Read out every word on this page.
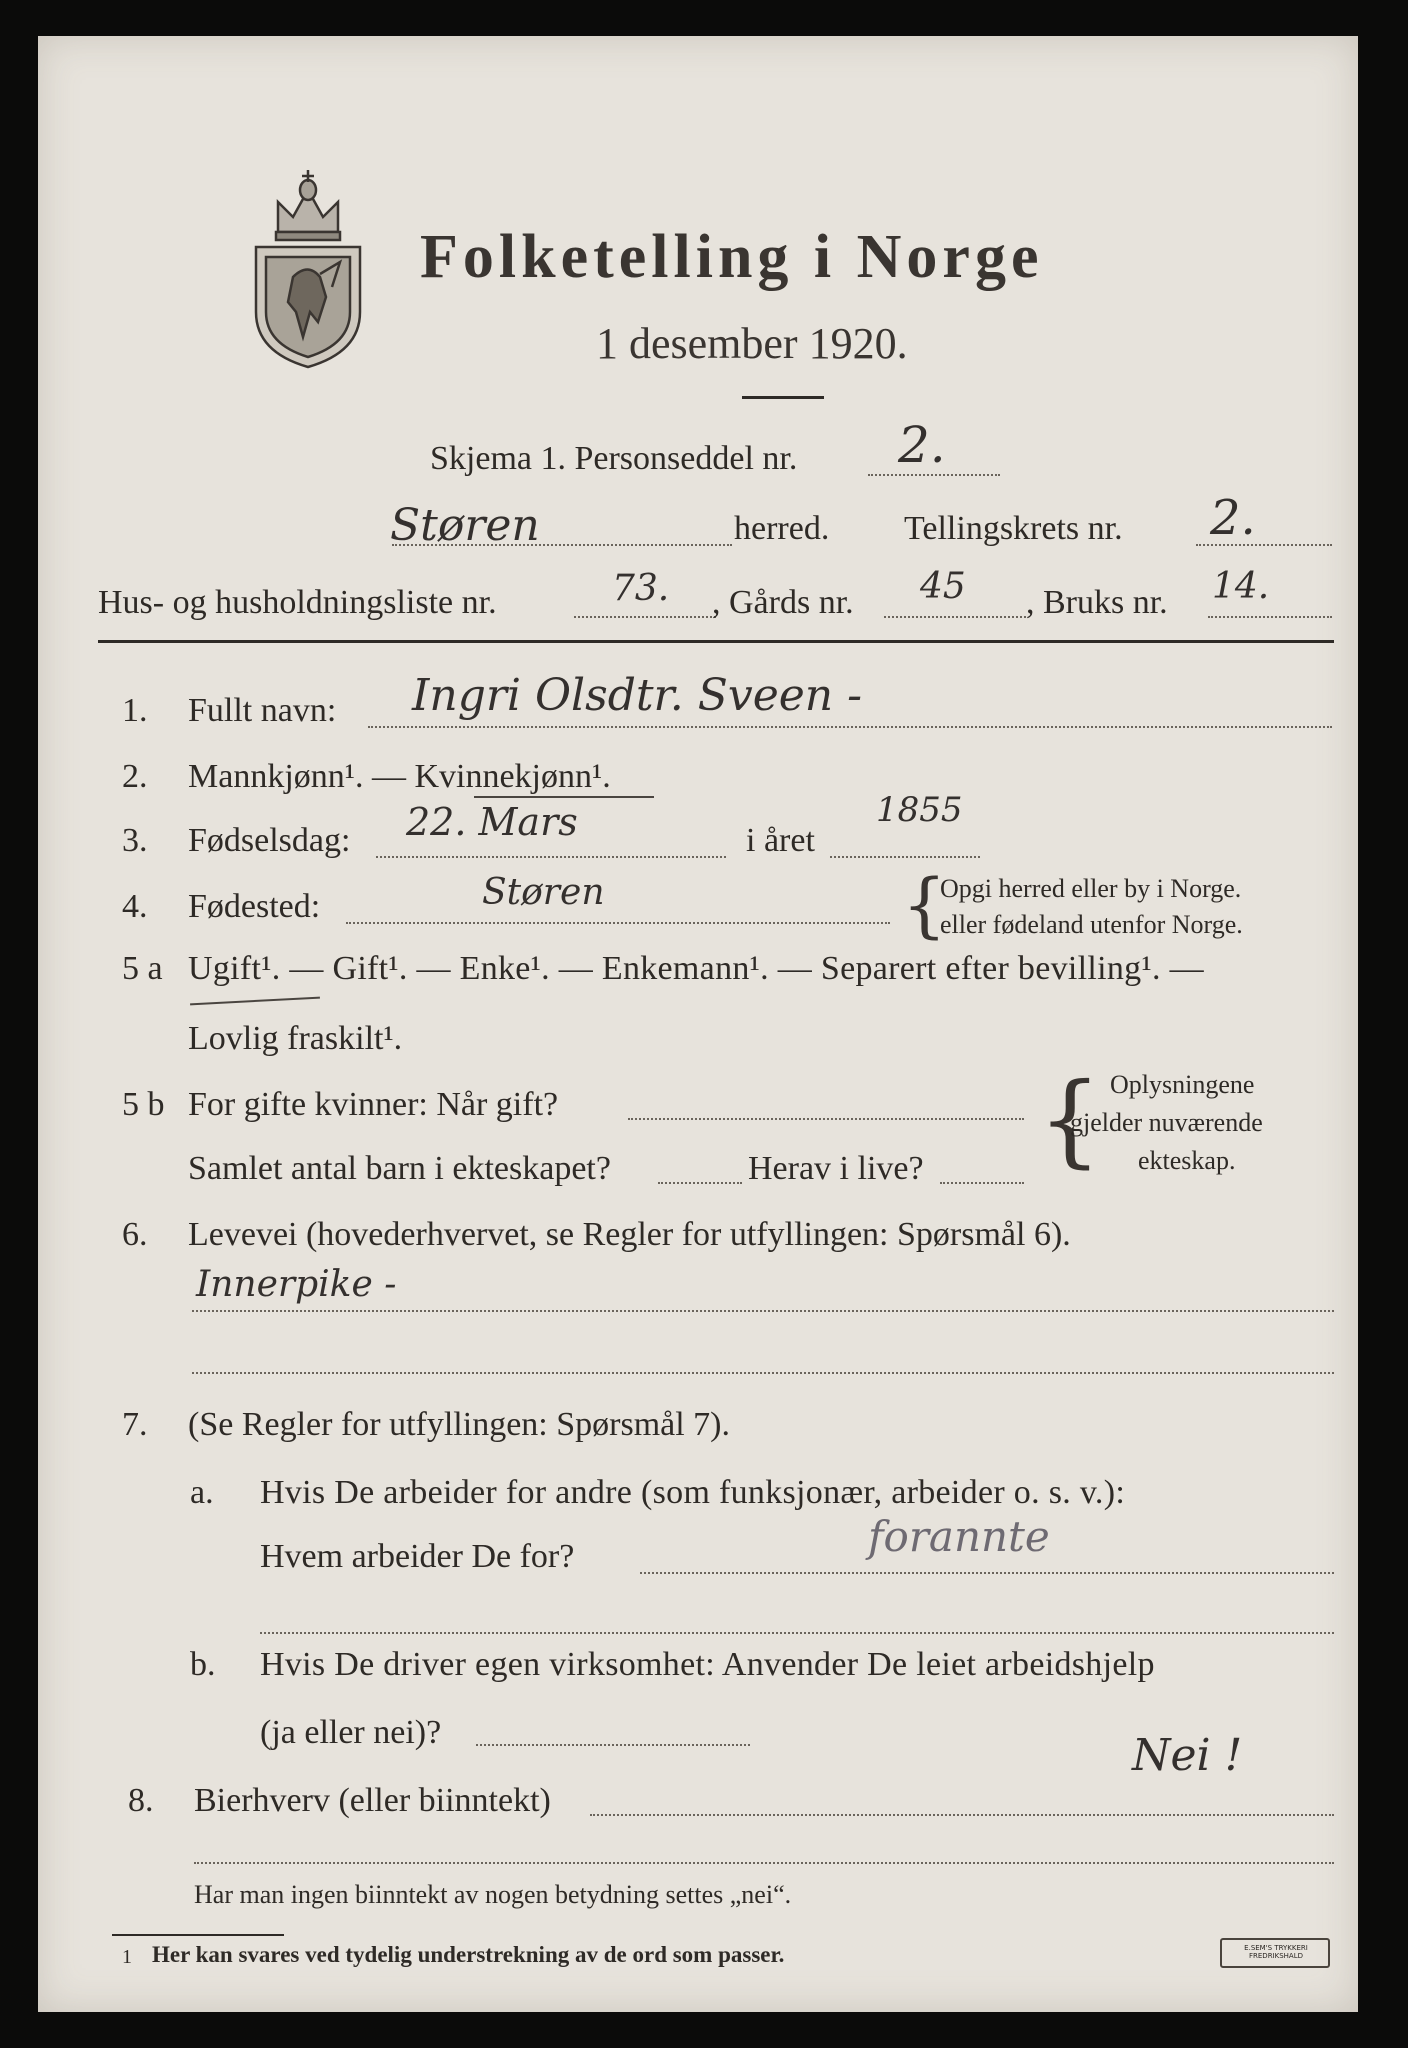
Folketelling i Norge
1 desember 1920.
Skjema 1. Personseddel nr. 2.
Støren	herred. Tellingskrets nr. 2.
Hus- og husholdningsliste nr.	73. , Gårds nr. 45 , Bruks nr. 14.
1. Fullt navn: Ingri Olsdtr. Sveen -
2. Mannkjønn¹. — Kvinnekjønn¹.
3. Fødselsdag: 22. Mars	i året
1855
4. Fødested:	Støren	{
Opgi herred eller by i Norge.
eller fødeland utenfor Norge.
5 a Ugift¹. — Gift¹. — Enke¹. — Enkemann¹. — Separert efter bevilling¹. —
Lovlig fraskilt¹.
5 b For gifte kvinner: Når gift?
Samlet antal barn i ekteskapet?	Herav i live? { Oplysningene
gjelder nuværende
ekteskap.
6. Levevei (hovederhvervet, se Regler for utfyllingen: Spørsmål 6).
Innerpike -
7. (Se Regler for utfyllingen: Spørsmål 7).
a. Hvis De arbeider for andre (som funksjonær, arbeider o. s. v.):
Hvem arbeider De for?	forannte
b. Hvis De driver egen virksomhet: Anvender De leiet arbeidshjelp
(ja eller nei)?	Nei !
8. Bierhverv (eller biinntekt)
Har man ingen biinntekt av nogen betydning settes „nei“.
1 Her kan svares ved tydelig understrekning av de ord som passer.	E.SEM'S TRYKKERI FREDRIKSHALD
